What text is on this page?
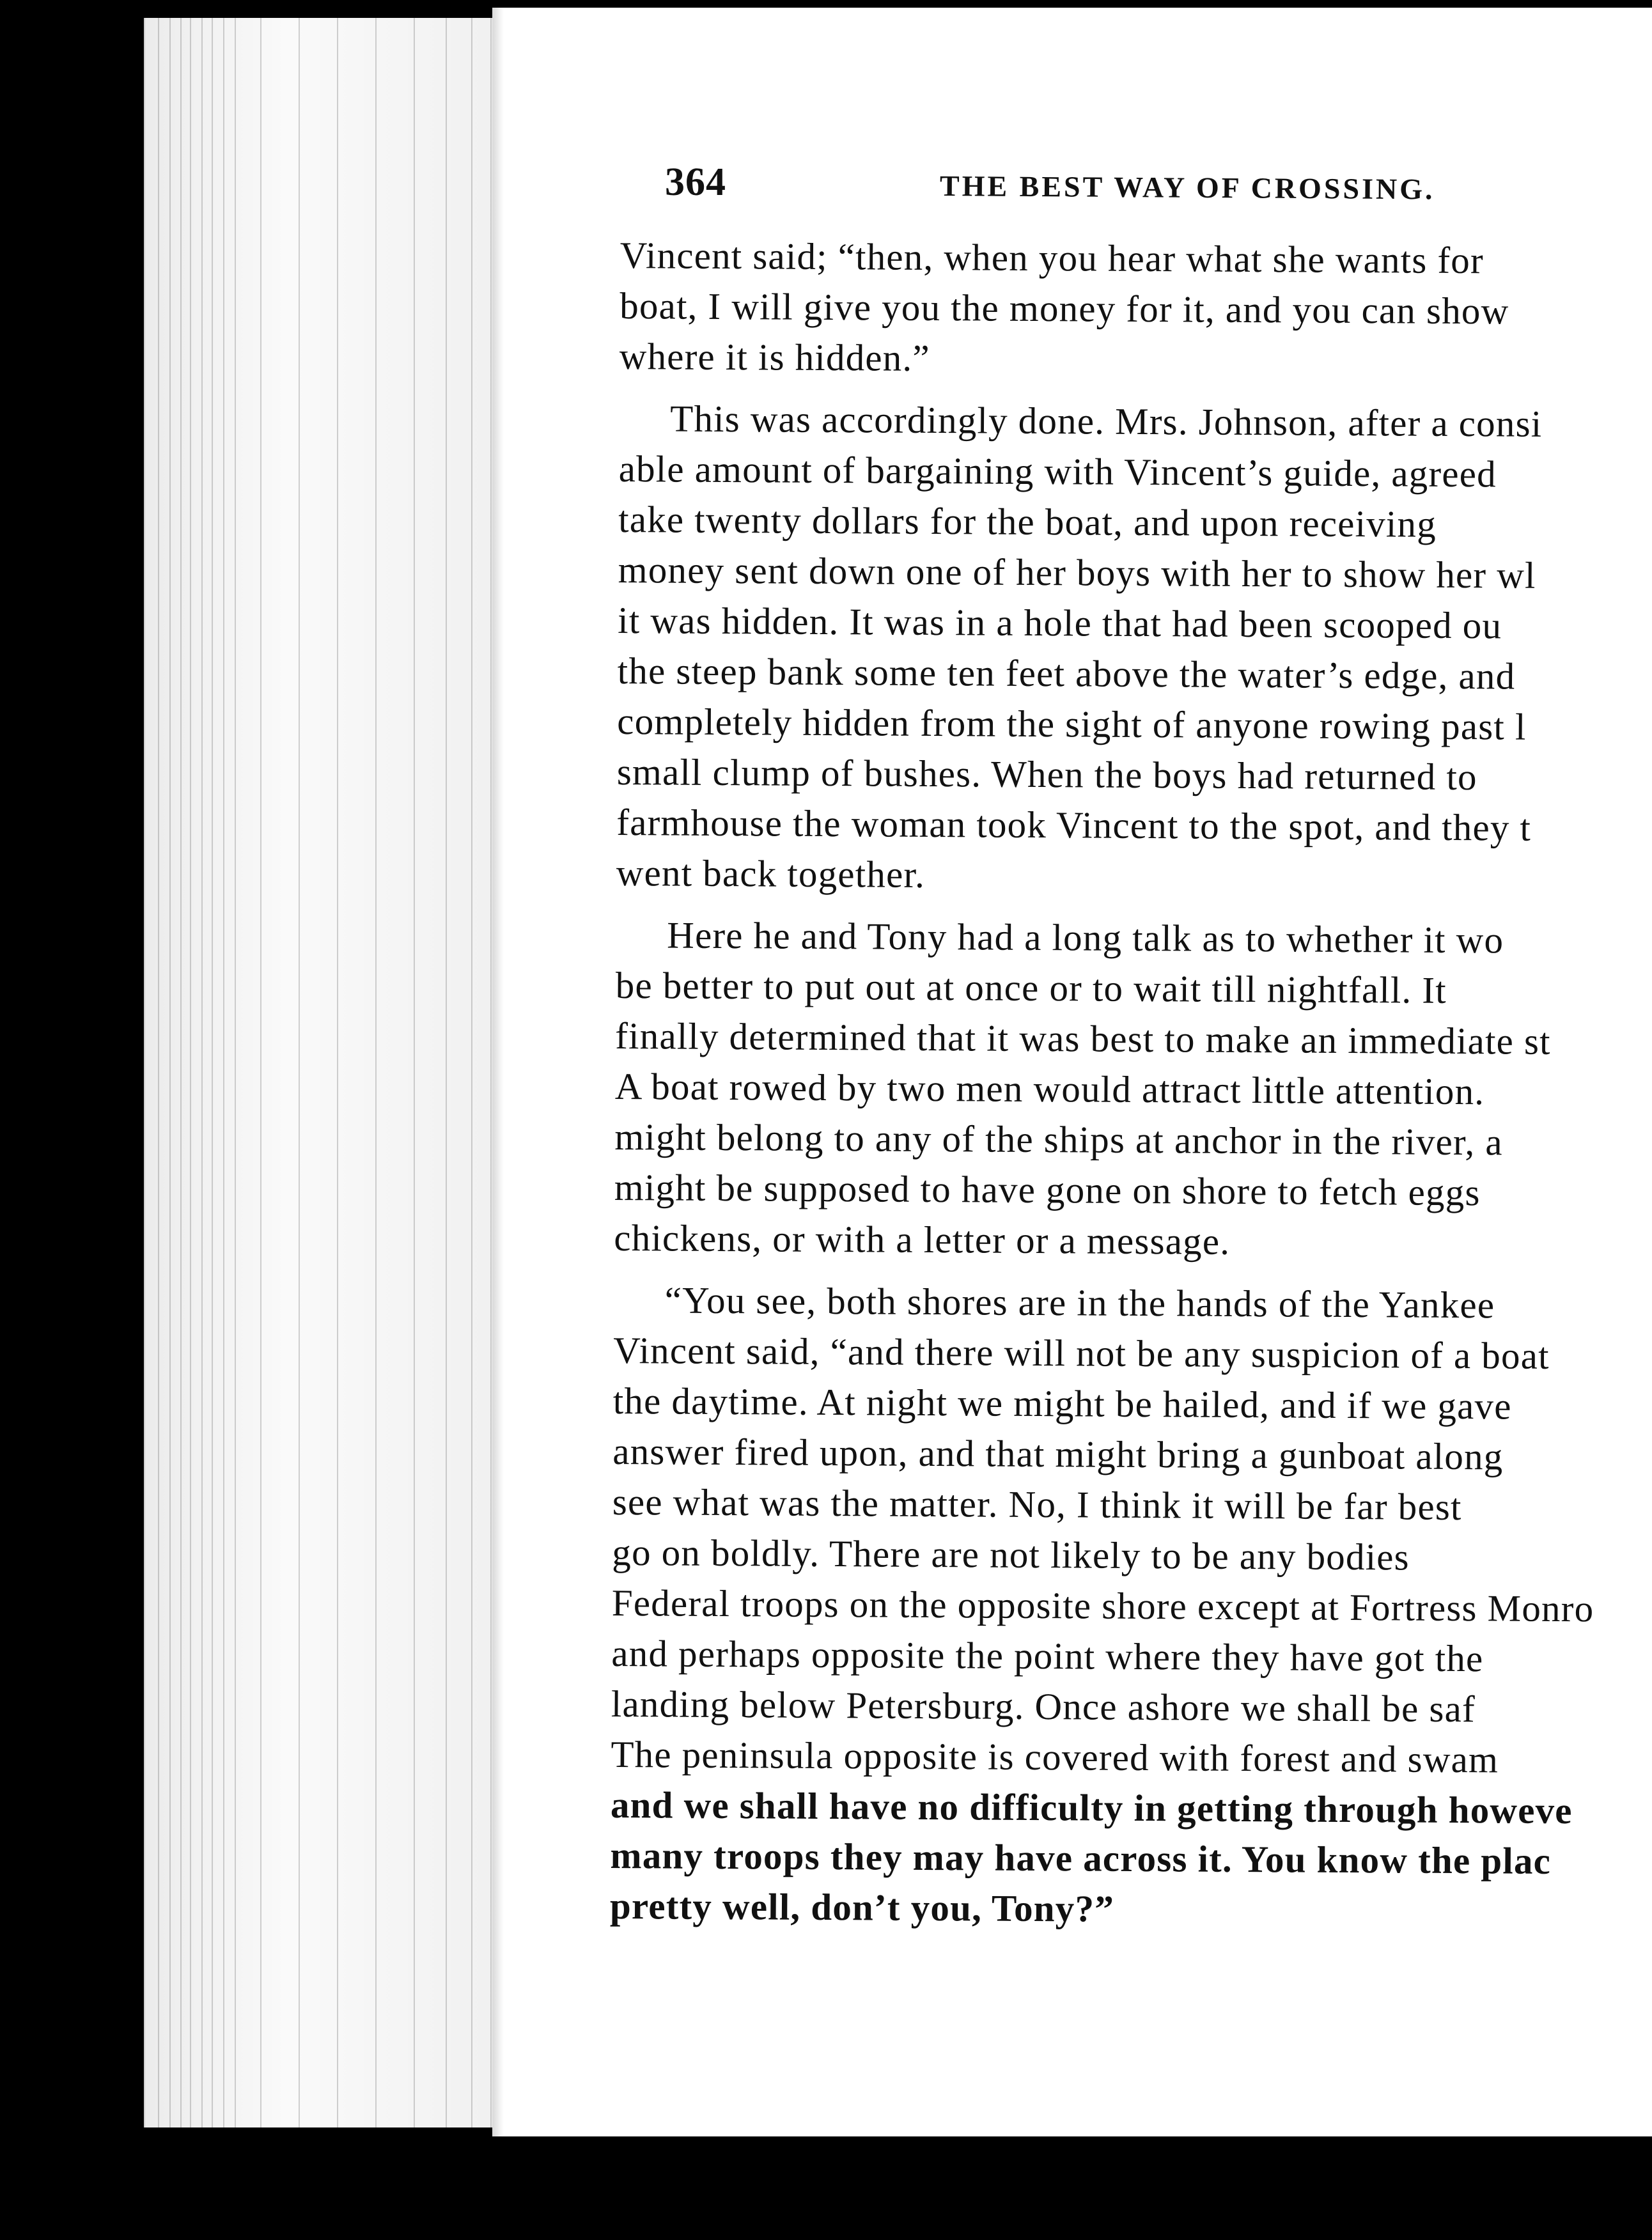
364	THE BEST WAY OF CROSSING.
Vincent said; “then, when you hear what she wants for
boat, I will give you the money for it, and you can show
where it is hidden.”
This was accordingly done. Mrs. Johnson, after a consi
able amount of bargaining with Vincent’s guide, agreed
take twenty dollars for the boat, and upon receiving
money sent down one of her boys with her to show her wl
it was hidden. It was in a hole that had been scooped ou
the steep bank some ten feet above the water’s edge, and
completely hidden from the sight of anyone rowing past l
small clump of bushes. When the boys had returned to
farmhouse the woman took Vincent to the spot, and they t
went back together.
Here he and Tony had a long talk as to whether it wo
be better to put out at once or to wait till nightfall. It
finally determined that it was best to make an immediate st
A boat rowed by two men would attract little attention.
might belong to any of the ships at anchor in the river, a
might be supposed to have gone on shore to fetch eggs
chickens, or with a letter or a message.
“You see, both shores are in the hands of the Yankee
Vincent said, “and there will not be any suspicion of a boat
the daytime. At night we might be hailed, and if we gave
answer fired upon, and that might bring a gunboat along
see what was the matter. No, I think it will be far best
go on boldly. There are not likely to be any bodies
Federal troops on the opposite shore except at Fortress Monro
and perhaps opposite the point where they have got the
landing below Petersburg. Once ashore we shall be saf
The peninsula opposite is covered with forest and swam
and we shall have no difficulty in getting through howeve
many troops they may have across it. You know the plac
pretty well, don’t you, Tony?”
